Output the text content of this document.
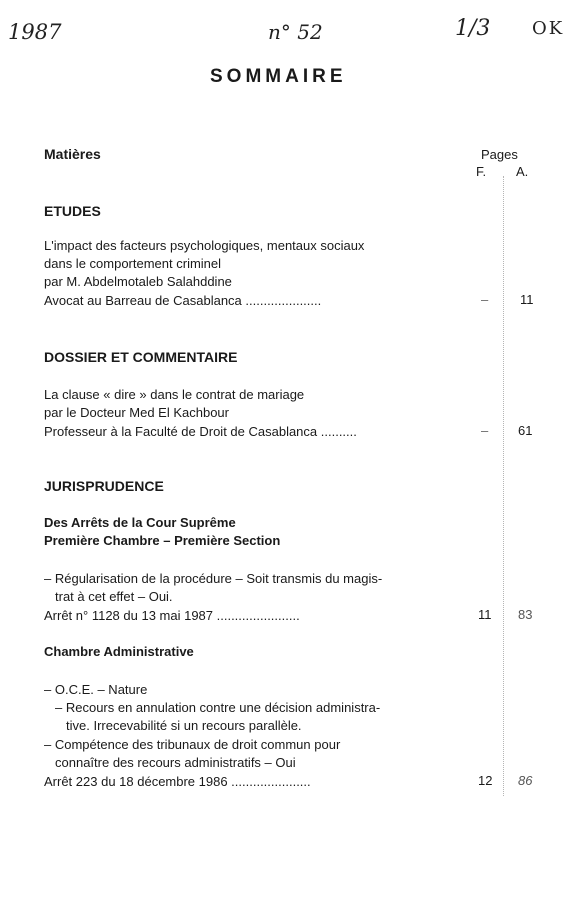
1987	n° 52	1/3 OK
SOMMAIRE
Matières	Pages
F. A.
ETUDES
L'impact des facteurs psychologiques, mentaux sociaux
dans le comportement criminel
par M. Abdelmotaleb Salahddine
Avocat au Barreau de Casablanca .....................	– 11
DOSSIER ET COMMENTAIRE
La clause « dire » dans le contrat de mariage
par le Docteur Med El Kachbour
Professeur à la Faculté de Droit de Casablanca ..........	– 61
JURISPRUDENCE
Des Arrêts de la Cour Suprême
Première Chambre – Première Section
– Régularisation de la procédure – Soit transmis du magis-
trat à cet effet – Oui.
Arrêt n° 1128 du 13 mai 1987 .......................	11 83
Chambre Administrative
– O.C.E. – Nature
– Recours en annulation contre une décision administra-
tive. Irrecevabilité si un recours parallèle.
– Compétence des tribunaux de droit commun pour
connaître des recours administratifs – Oui
Arrêt 223 du 18 décembre 1986 ......................	12 86
